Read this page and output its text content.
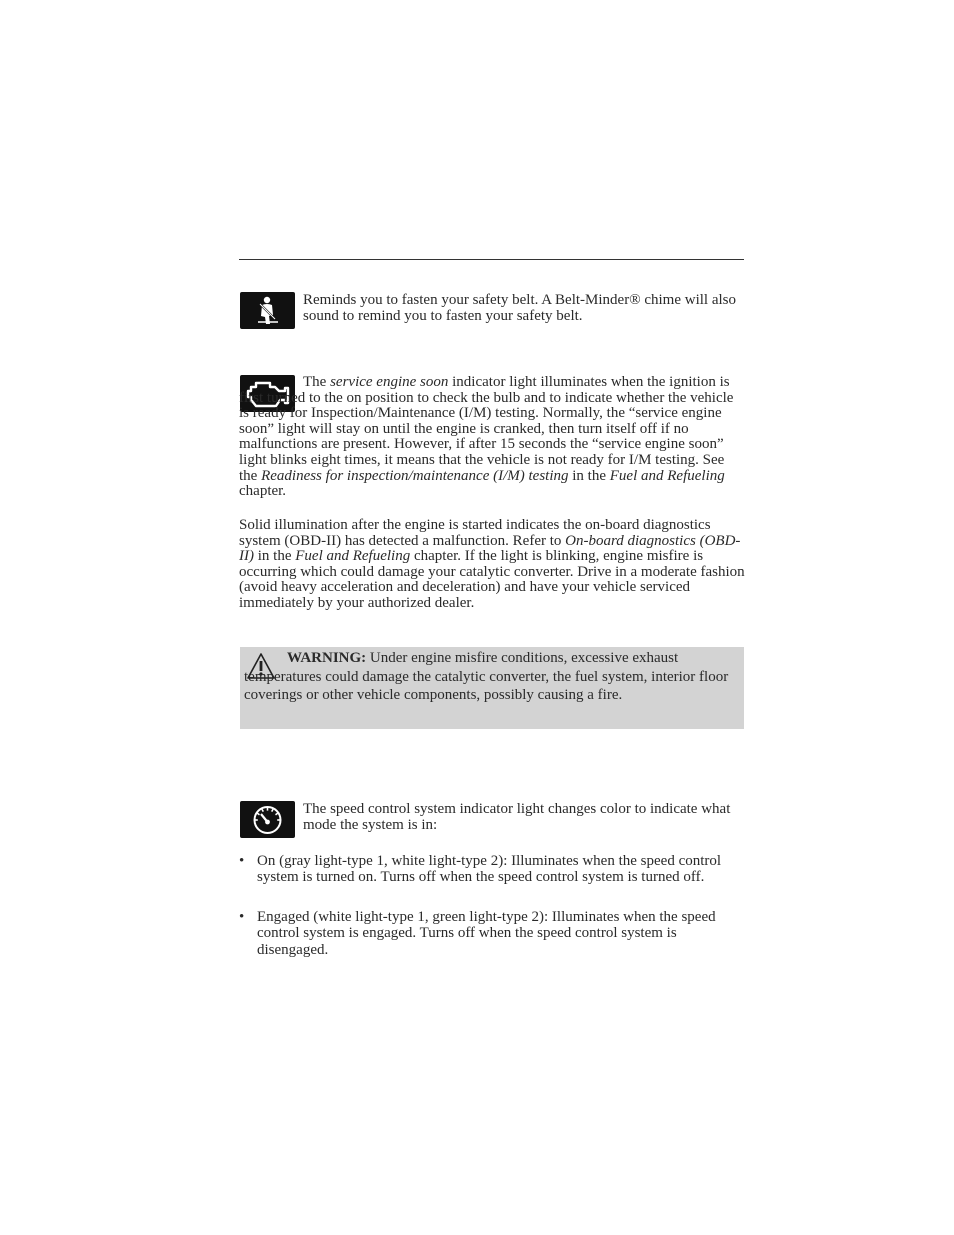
Reminds you to fasten your safety belt. A Belt-Minder® chime will also sound to remind you to fasten your safety belt.

The service engine soon indicator light illuminates when the ignition is first turned to the on position to check the bulb and to indicate whether the vehicle is ready for Inspection/Maintenance (I/M) testing. Normally, the “service engine soon” light will stay on until the engine is cranked, then turn itself off if no malfunctions are present. However, if after 15 seconds the “service engine soon” light blinks eight times, it means that the vehicle is not ready for I/M testing. See the Readiness for inspection/maintenance (I/M) testing in the Fuel and Refueling chapter.

Solid illumination after the engine is started indicates the on-board diagnostics system (OBD-II) has detected a malfunction. Refer to On-board diagnostics (OBD-II) in the Fuel and Refueling chapter. If the light is blinking, engine misfire is occurring which could damage your catalytic converter. Drive in a moderate fashion (avoid heavy acceleration and deceleration) and have your vehicle serviced immediately by your authorized dealer.

WARNING: Under engine misfire conditions, excessive exhaust temperatures could damage the catalytic converter, the fuel system, interior floor coverings or other vehicle components, possibly causing a fire.

The speed control system indicator light changes color to indicate what mode the system is in:

• On (gray light-type 1, white light-type 2): Illuminates when the speed control system is turned on. Turns off when the speed control system is turned off.
• Engaged (white light-type 1, green light-type 2): Illuminates when the speed control system is engaged. Turns off when the speed control system is disengaged.
